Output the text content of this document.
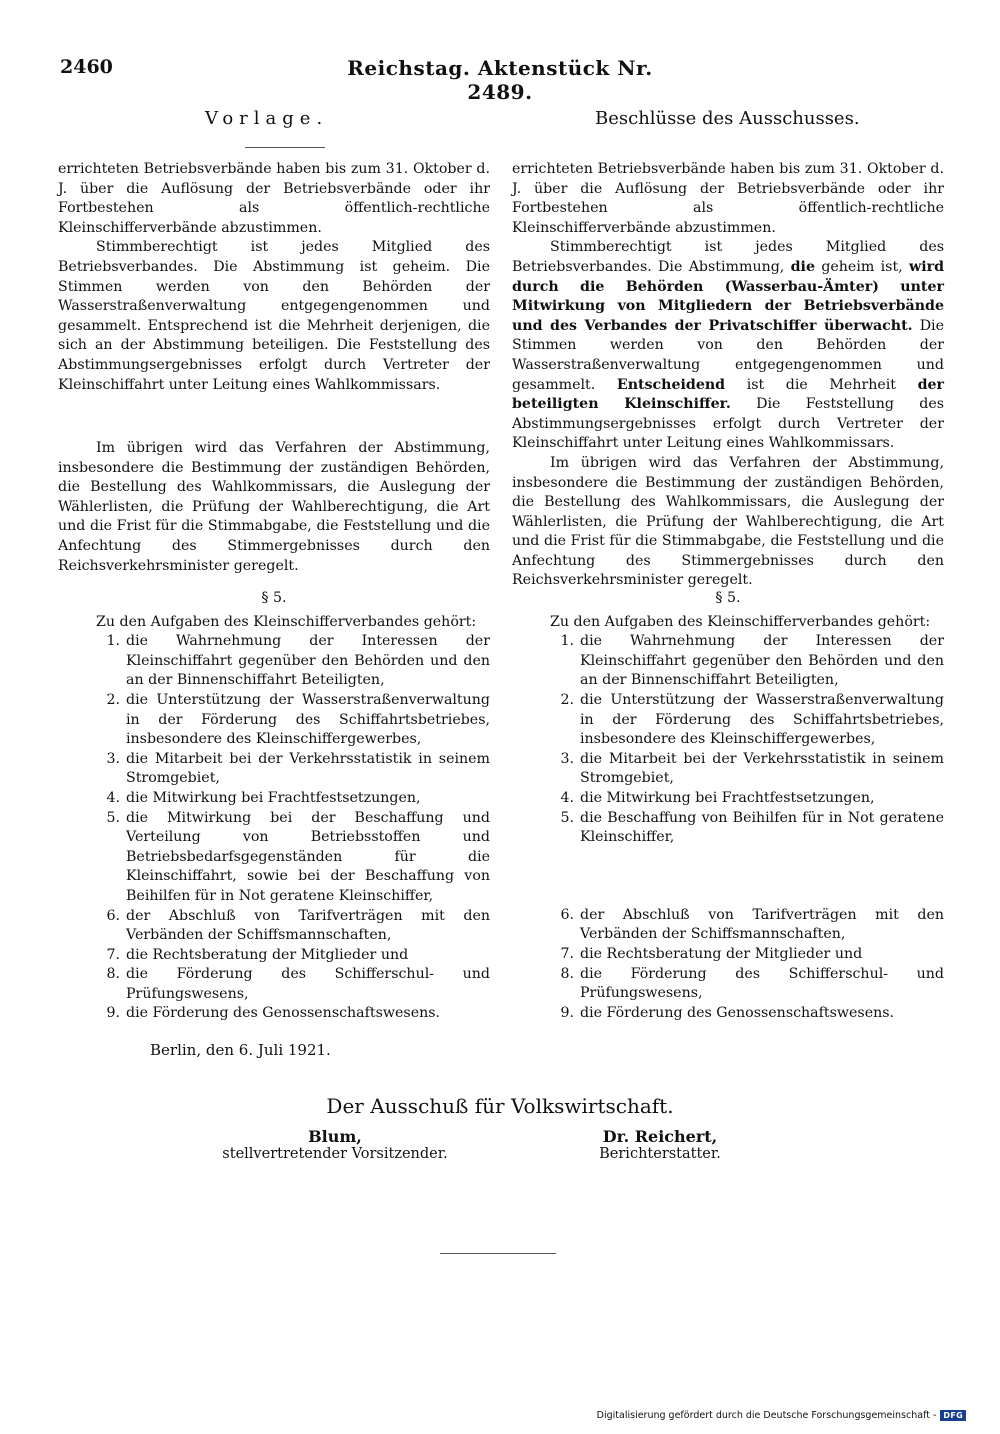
2460	Reichstag. Aktenstück Nr. 2489.
Vorlage.

errichteten Betriebsverbände haben bis zum 31. Oktober d. J. über die Auflösung der Betriebsverbände oder ihr Fortbestehen als öffentlich-rechtliche Kleinschifferverbände abzustimmen.

Stimmberechtigt ist jedes Mitglied des Betriebsverbandes. Die Abstimmung ist geheim. Die Stimmen werden von den Behörden der Wasserstraßenverwaltung entgegengenommen und gesammelt. Entsprechend ist die Mehrheit derjenigen, die sich an der Abstimmung beteiligen. Die Feststellung des Abstimmungsergebnisses erfolgt durch Vertreter der Kleinschiffahrt unter Leitung eines Wahlkommissars.

Im übrigen wird das Verfahren der Abstimmung, insbesondere die Bestimmung der zuständigen Behörden, die Bestellung des Wahlkommissars, die Auslegung der Wählerlisten, die Prüfung der Wahlberechtigung, die Art und die Frist für die Stimmabgabe, die Feststellung und die Anfechtung des Stimmergebnisses durch den Reichsverkehrsminister geregelt.

§ 5.

Zu den Aufgaben des Kleinschifferverbandes gehört:

1. die Wahrnehmung der Interessen der Kleinschiffahrt gegenüber den Behörden und den an der Binnenschiffahrt Beteiligten,
2. die Unterstützung der Wasserstraßenverwaltung in der Förderung des Schiffahrtsbetriebes, insbesondere des Kleinschiffergewerbes,
3. die Mitarbeit bei der Verkehrsstatistik in seinem Stromgebiet,
4. die Mitwirkung bei Frachtfestsetzungen,
5. die Mitwirkung bei der Beschaffung und Verteilung von Betriebsstoffen und Betriebsbedarfsgegenständen für die Kleinschiffahrt, sowie bei der Beschaffung von Beihilfen für in Not geratene Kleinschiffer,
6. der Abschluß von Tarifverträgen mit den Verbänden der Schiffsmannschaften,
7. die Rechtsberatung der Mitglieder und
8. die Förderung des Schifferschul- und Prüfungswesens,
9. die Förderung des Genossenschaftswesens.
Beschlüsse des Ausschusses.

errichteten Betriebsverbände haben bis zum 31. Oktober d. J. über die Auflösung der Betriebsverbände oder ihr Fortbestehen als öffentlich-rechtliche Kleinschifferverbände abzustimmen.

Stimmberechtigt ist jedes Mitglied des Betriebsverbandes. Die Abstimmung, die geheim ist, wird durch die Behörden (Wasserbau-Ämter) unter Mitwirkung von Mitgliedern der Betriebsverbände und des Verbandes der Privatschiffer überwacht. Die Stimmen werden von den Behörden der Wasserstraßenverwaltung entgegengenommen und gesammelt. Entscheidend ist die Mehrheit der beteiligten Kleinschiffer. Die Feststellung des Abstimmungsergebnisses erfolgt durch Vertreter der Kleinschiffahrt unter Leitung eines Wahlkommissars.

Im übrigen wird das Verfahren der Abstimmung, insbesondere die Bestimmung der zuständigen Behörden, die Bestellung des Wahlkommissars, die Auslegung der Wählerlisten, die Prüfung der Wahlberechtigung, die Art und die Frist für die Stimmabgabe, die Feststellung und die Anfechtung des Stimmergebnisses durch den Reichsverkehrsminister geregelt.

§ 5.

Zu den Aufgaben des Kleinschifferverbandes gehört:

1. die Wahrnehmung der Interessen der Kleinschiffahrt gegenüber den Behörden und den an der Binnenschiffahrt Beteiligten,
2. die Unterstützung der Wasserstraßenverwaltung in der Förderung des Schiffahrtsbetriebes, insbesondere des Kleinschiffergewerbes,
3. die Mitarbeit bei der Verkehrsstatistik in seinem Stromgebiet,
4. die Mitwirkung bei Frachtfestsetzungen,
5. die Beschaffung von Beihilfen für in Not geratene Kleinschiffer,
6. der Abschluß von Tarifverträgen mit den Verbänden der Schiffsmannschaften,
7. die Rechtsberatung der Mitglieder und
8. die Förderung des Schifferschul- und Prüfungswesens,
9. die Förderung des Genossenschaftswesens.
Berlin, den 6. Juli 1921.
Der Ausschuß für Volkswirtschaft.
Blum,
stellvertretender Vorsitzender.
Dr. Reichert,
Berichterstatter.
Digitalisierung gefördert durch die Deutsche Forschungsgemeinschaft - DFG
